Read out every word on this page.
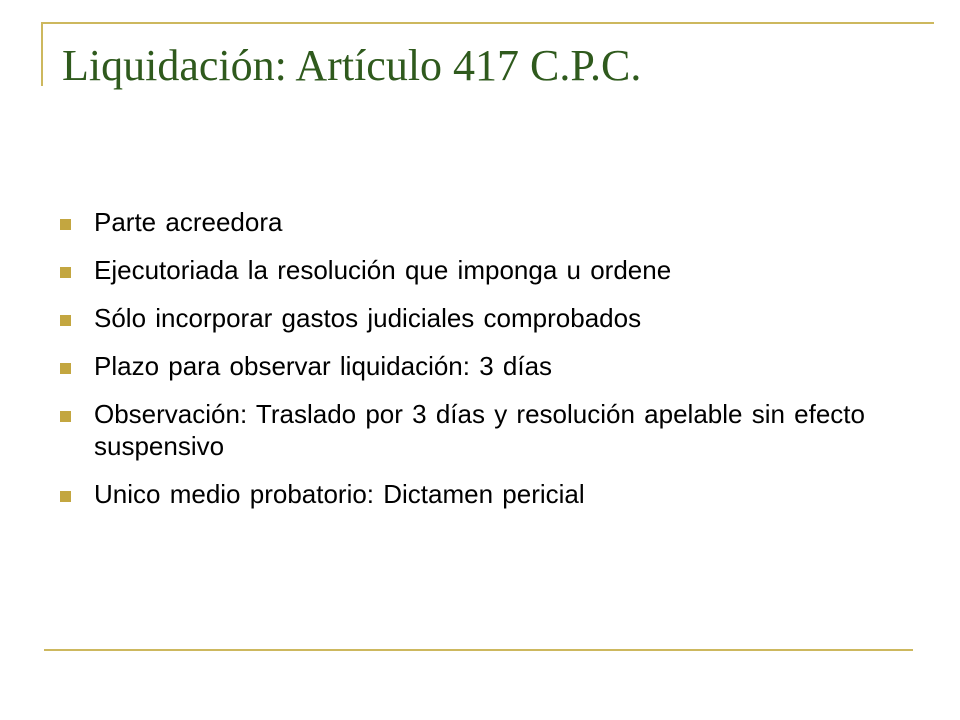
Liquidación: Artículo 417 C.P.C.
Parte acreedora
Ejecutoriada la resolución que imponga u ordene
Sólo incorporar gastos judiciales comprobados
Plazo para observar liquidación: 3 días
Observación: Traslado por 3 días y resolución apelable sin efecto suspensivo
Unico medio probatorio: Dictamen pericial
